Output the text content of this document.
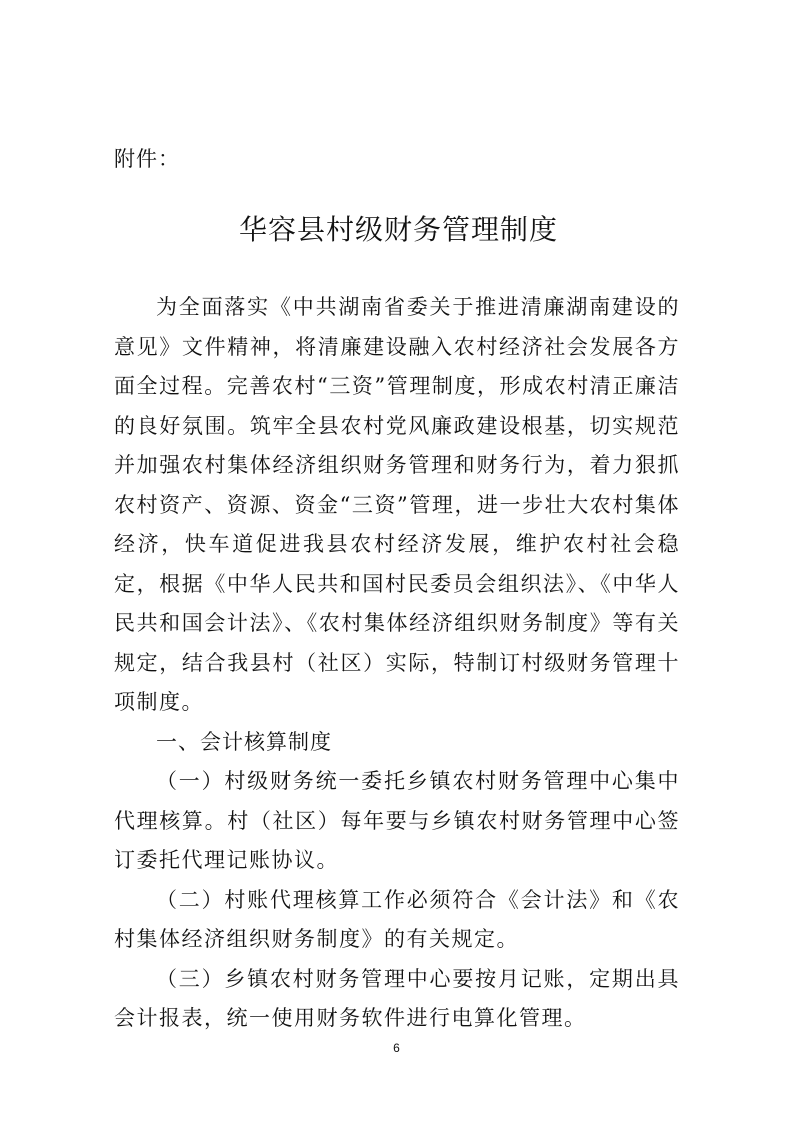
附件：
华容县村级财务管理制度

为全面落实《中共湖南省委关于推进清廉湖南建设的意见》文件精神，将清廉建设融入农村经济社会发展各方面全过程。完善农村“三资”管理制度，形成农村清正廉洁的良好氛围。筑牢全县农村党风廉政建设根基，切实规范并加强农村集体经济组织财务管理和财务行为，着力狠抓农村资产、资源、资金“三资”管理，进一步壮大农村集体经济，快车道促进我县农村经济发展，维护农村社会稳定，根据《中华人民共和国村民委员会组织法》、《中华人民共和国会计法》、《农村集体经济组织财务制度》等有关规定，结合我县村（社区）实际，特制订村级财务管理十项制度。

一、会计核算制度

（一）村级财务统一委托乡镇农村财务管理中心集中代理核算。村（社区）每年要与乡镇农村财务管理中心签订委托代理记账协议。

（二）村账代理核算工作必须符合《会计法》和《农村集体经济组织财务制度》的有关规定。

（三）乡镇农村财务管理中心要按月记账，定期出具会计报表，统一使用财务软件进行电算化管理。

6
